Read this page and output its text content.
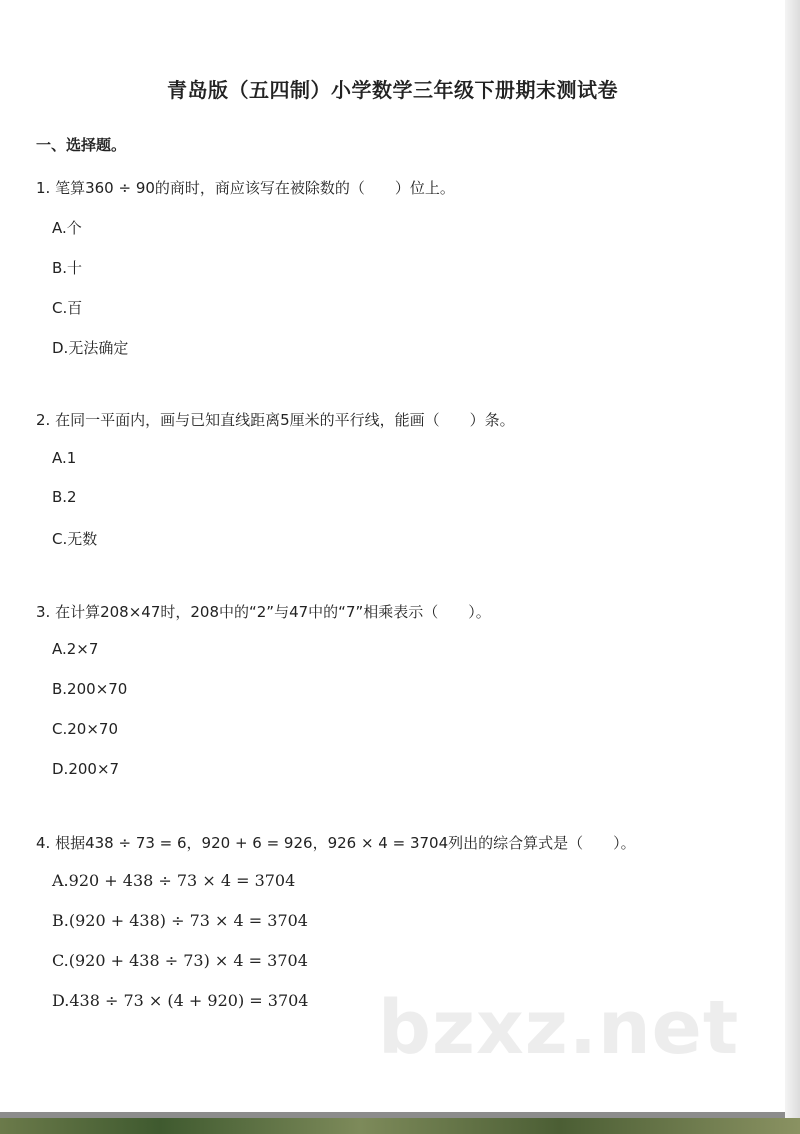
青岛版（五四制）小学数学三年级下册期末测试卷
一、选择题。
1. 笔算360 ÷ 90的商时，商应该写在被除数的（　　）位上。
A.个
B.十
C.百
D.无法确定
2. 在同一平面内，画与已知直线距离5厘米的平行线，能画（　　）条。
A.1
B.2
C.无数
3. 在计算208×47时，208中的“2”与47中的“7”相乘表示（　　）。
A.2×7
B.200×70
C.20×70
D.200×7
4. 根据438 ÷ 73 = 6，920 + 6 = 926，926 × 4 = 3704列出的综合算式是（　　）。
A.920 + 438 ÷ 73 × 4 = 3704
B.(920 + 438) ÷ 73 × 4 = 3704
C.(920 + 438 ÷ 73) × 4 = 3704
D.438 ÷ 73 × (4 + 920) = 3704 bzxz.net
